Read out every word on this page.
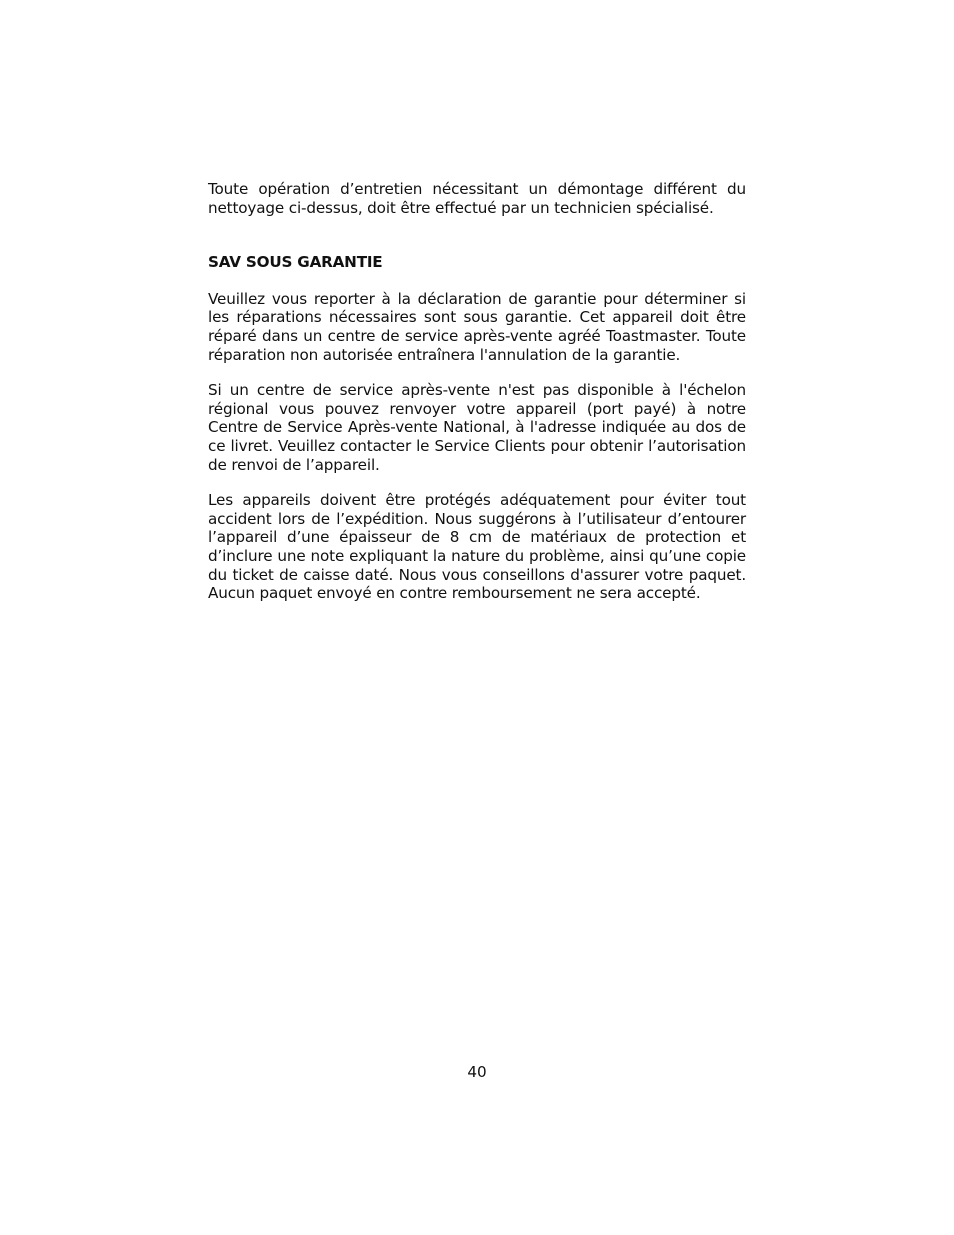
Toute opération d’entretien nécessitant un démontage différent du nettoyage ci-dessus, doit être effectué par un technicien spécialisé.

SAV SOUS GARANTIE

Veuillez vous reporter à la déclaration de garantie pour déterminer si les réparations nécessaires sont sous garantie. Cet appareil doit être réparé dans un centre de service après-vente agréé Toastmaster. Toute réparation non autorisée entraînera l'annulation de la garantie.

Si un centre de service après-vente n'est pas disponible à l'échelon régional vous pouvez renvoyer votre appareil (port payé) à notre Centre de Service Après-vente National, à l'adresse indiquée au dos de ce livret. Veuillez contacter le Service Clients pour obtenir l’autorisation de renvoi de l’appareil.

Les appareils doivent être protégés adéquatement pour éviter tout accident lors de l’expédition. Nous suggérons à l’utilisateur d’entourer l’appareil d’une épaisseur de 8 cm de matériaux de protection et d’inclure une note expliquant la nature du problème, ainsi qu’une copie du ticket de caisse daté. Nous vous conseillons d'assurer votre paquet. Aucun paquet envoyé en contre remboursement ne sera accepté.

40
